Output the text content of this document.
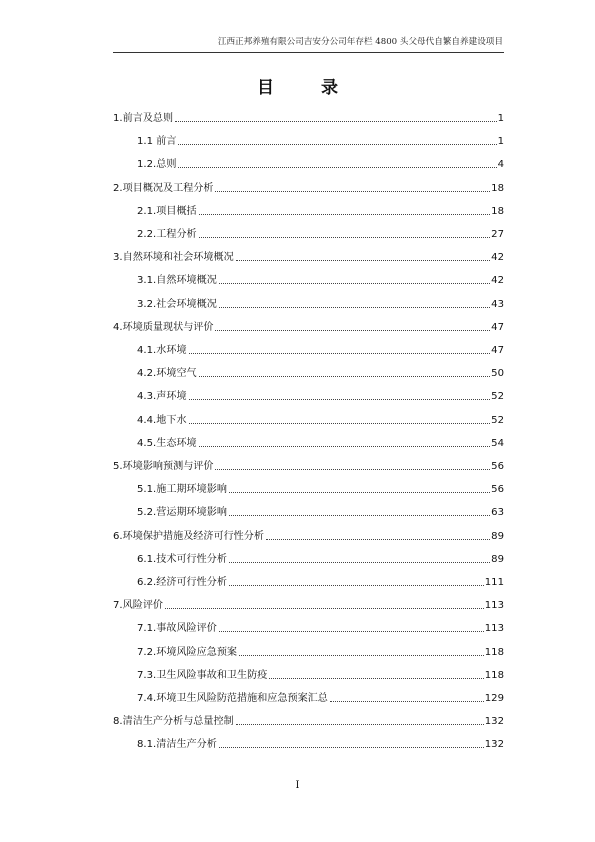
江西正邦养殖有限公司吉安分公司年存栏 4800 头父母代自繁自养建设项目
目　录
1.前言及总则	1
1.1 前言	1
1.2.总则	4
2.项目概况及工程分析	18
2.1.项目概括	18
2.2.工程分析	27
3.自然环境和社会环境概况	42
3.1.自然环境概况	42
3.2.社会环境概况	43
4.环境质量现状与评价	47
4.1.水环境	47
4.2.环境空气	50
4.3.声环境	52
4.4.地下水	52
4.5.生态环境	54
5.环境影响预测与评价	56
5.1.施工期环境影响	56
5.2.营运期环境影响	63
6.环境保护措施及经济可行性分析	89
6.1.技术可行性分析	89
6.2.经济可行性分析	111
7.风险评价	113
7.1.事故风险评价	113
7.2.环境风险应急预案	118
7.3.卫生风险事故和卫生防疫	118
7.4.环境卫生风险防范措施和应急预案汇总	129
8.清洁生产分析与总量控制	132
8.1.清洁生产分析	132
I
